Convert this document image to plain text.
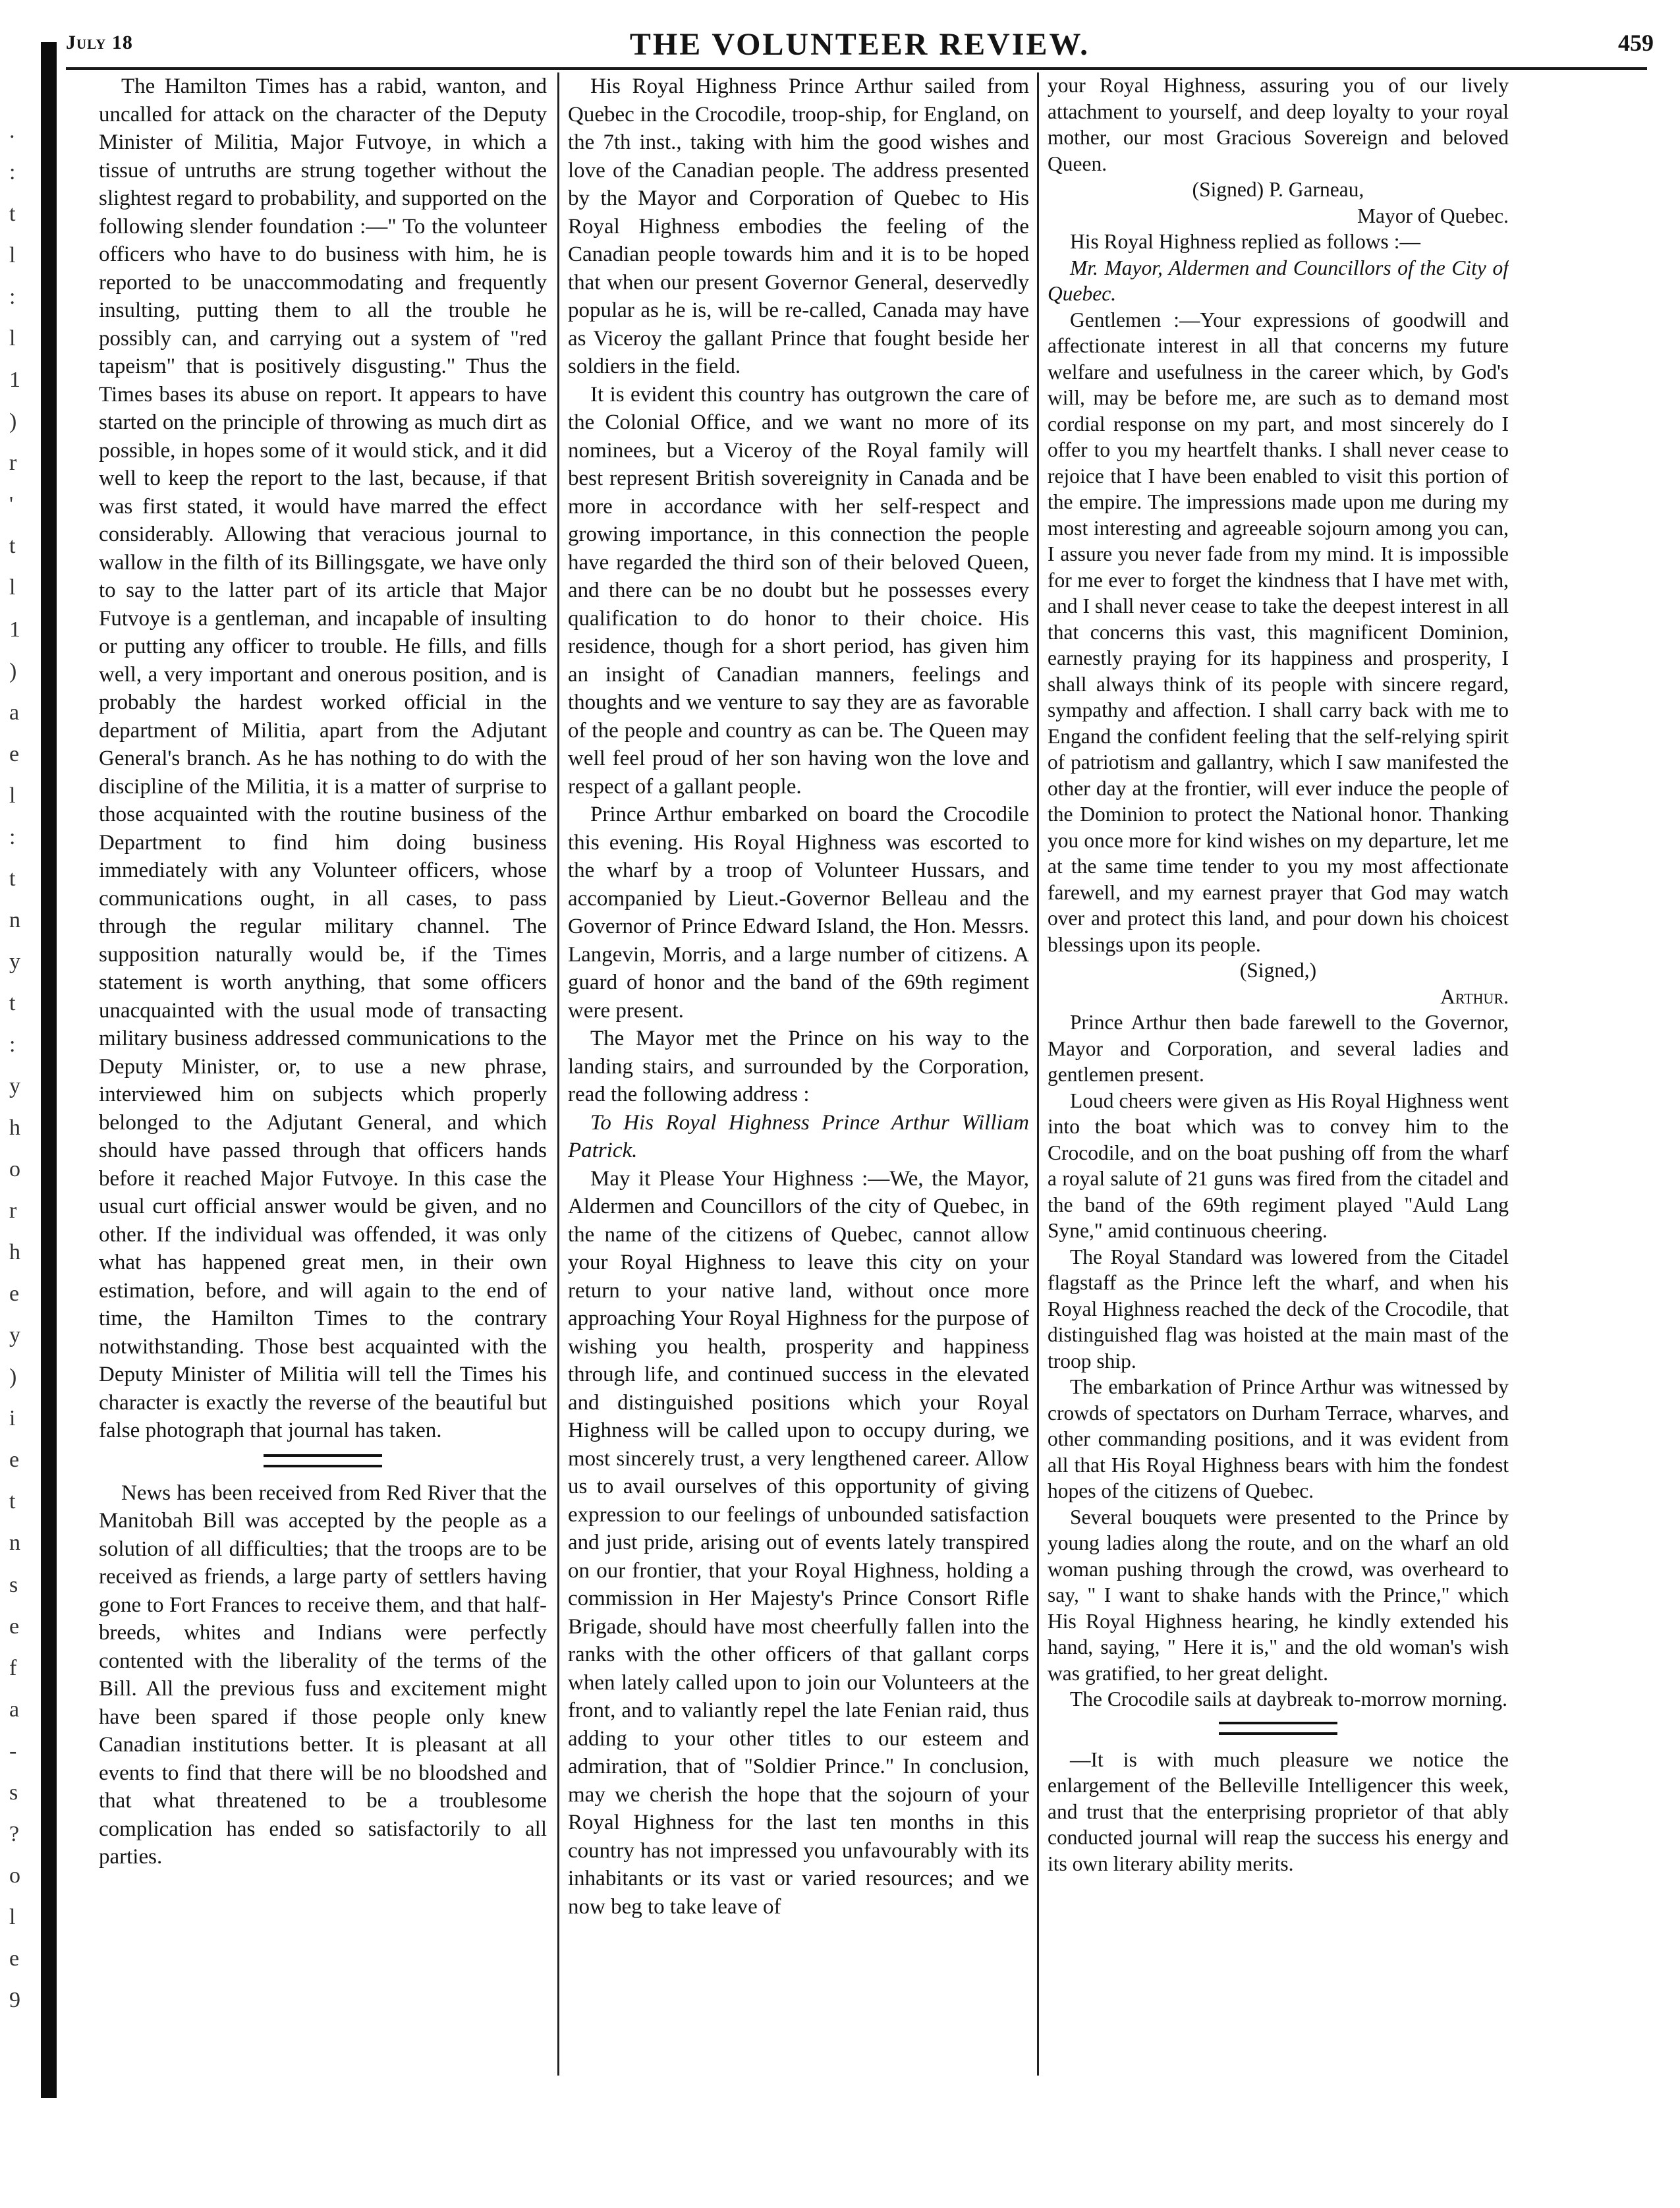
.
:
t
l
:
l
1
)
r
'
t
l
1
)
a
e
l
:
t
n
y
t
:
y
h
o
r
h
e
y
)
i
e
t
n
s
e
f
a
-
s
?
o
l
e
9
July 18	THE VOLUNTEER REVIEW.	459

The Hamilton Times has a rabid, wanton, and uncalled for attack on the character of the Deputy Minister of Militia, Major Futvoye, in which a tissue of untruths are strung together without the slightest regard to probability, and supported on the following slender foundation :—" To the volunteer officers who have to do business with him, he is reported to be unaccommodating and frequently insulting, putting them to all the trouble he possibly can, and carrying out a system of "red tapeism" that is positively disgusting." Thus the Times bases its abuse on report. It appears to have started on the principle of throwing as much dirt as possible, in hopes some of it would stick, and it did well to keep the report to the last, because, if that was first stated, it would have marred the effect considerably. Allowing that veracious journal to wallow in the filth of its Billingsgate, we have only to say to the latter part of its article that Major Futvoye is a gentleman, and incapable of insulting or putting any officer to trouble. He fills, and fills well, a very important and onerous position, and is probably the hardest worked official in the department of Militia, apart from the Adjutant General's branch. As he has nothing to do with the discipline of the Militia, it is a matter of surprise to those acquainted with the routine business of the Department to find him doing business immediately with any Volunteer officers, whose communications ought, in all cases, to pass through the regular military channel. The supposition naturally would be, if the Times statement is worth anything, that some officers unacquainted with the usual mode of transacting military business addressed communications to the Deputy Minister, or, to use a new phrase, interviewed him on subjects which properly belonged to the Adjutant General, and which should have passed through that officers hands before it reached Major Futvoye. In this case the usual curt official answer would be given, and no other. If the individual was offended, it was only what has happened great men, in their own estimation, before, and will again to the end of time, the Hamilton Times to the contrary notwithstanding. Those best acquainted with the Deputy Minister of Militia will tell the Times his character is exactly the reverse of the beautiful but false photograph that journal has taken.

News has been received from Red River that the Manitobah Bill was accepted by the people as a solution of all difficulties; that the troops are to be received as friends, a large party of settlers having gone to Fort Frances to receive them, and that half-breeds, whites and Indians were perfectly contented with the liberality of the terms of the Bill. All the previous fuss and excitement might have been spared if those people only knew Canadian institutions better. It is pleasant at all events to find that there will be no bloodshed and that what threatened to be a troublesome complication has ended so satisfactorily to all parties.

His Royal Highness Prince Arthur sailed from Quebec in the Crocodile, troop-ship, for England, on the 7th inst., taking with him the good wishes and love of the Canadian people. The address presented by the Mayor and Corporation of Quebec to His Royal Highness embodies the feeling of the Canadian people towards him and it is to be hoped that when our present Governor General, deservedly popular as he is, will be re-called, Canada may have as Viceroy the gallant Prince that fought beside her soldiers in the field.

It is evident this country has outgrown the care of the Colonial Office, and we want no more of its nominees, but a Viceroy of the Royal family will best represent British sovereignity in Canada and be more in accordance with her self-respect and growing importance, in this connection the people have regarded the third son of their beloved Queen, and there can be no doubt but he possesses every qualification to do honor to their choice. His residence, though for a short period, has given him an insight of Canadian manners, feelings and thoughts and we venture to say they are as favorable of the people and country as can be. The Queen may well feel proud of her son having won the love and respect of a gallant people.

Prince Arthur embarked on board the Crocodile this evening. His Royal Highness was escorted to the wharf by a troop of Volunteer Hussars, and accompanied by Lieut.-Governor Belleau and the Governor of Prince Edward Island, the Hon. Messrs. Langevin, Morris, and a large number of citizens. A guard of honor and the band of the 69th regiment were present.

The Mayor met the Prince on his way to the landing stairs, and surrounded by the Corporation, read the following address :

To His Royal Highness Prince Arthur William Patrick.

May it Please Your Highness :—We, the Mayor, Aldermen and Councillors of the city of Quebec, in the name of the citizens of Quebec, cannot allow your Royal Highness to leave this city on your return to your native land, without once more approaching Your Royal Highness for the purpose of wishing you health, prosperity and happiness through life, and continued success in the elevated and distinguished positions which your Royal Highness will be called upon to occupy during, we most sincerely trust, a very lengthened career. Allow us to avail ourselves of this opportunity of giving expression to our feelings of unbounded satisfaction and just pride, arising out of events lately transpired on our frontier, that your Royal Highness, holding a commission in Her Majesty's Prince Consort Rifle Brigade, should have most cheerfully fallen into the ranks with the other officers of that gallant corps when lately called upon to join our Volunteers at the front, and to valiantly repel the late Fenian raid, thus adding to your other titles to our esteem and admiration, that of "Soldier Prince." In conclusion, may we cherish the hope that the sojourn of your Royal Highness for the last ten months in this country has not impressed you unfavourably with its inhabitants or its vast or varied resources; and we now beg to take leave of

your Royal Highness, assuring you of our lively attachment to yourself, and deep loyalty to your royal mother, our most Gracious Sovereign and beloved Queen.

(Signed) P. Garneau,

Mayor of Quebec.

His Royal Highness replied as follows :—

Mr. Mayor, Aldermen and Councillors of the City of Quebec.

Gentlemen :—Your expressions of goodwill and affectionate interest in all that concerns my future welfare and usefulness in the career which, by God's will, may be before me, are such as to demand most cordial response on my part, and most sincerely do I offer to you my heartfelt thanks. I shall never cease to rejoice that I have been enabled to visit this portion of the empire. The impressions made upon me during my most interesting and agreeable sojourn among you can, I assure you never fade from my mind. It is impossible for me ever to forget the kindness that I have met with, and I shall never cease to take the deepest interest in all that concerns this vast, this magnificent Dominion, earnestly praying for its happiness and prosperity, I shall always think of its people with sincere regard, sympathy and affection. I shall carry back with me to Engand the confident feeling that the self-relying spirit of patriotism and gallantry, which I saw manifested the other day at the frontier, will ever induce the people of the Dominion to protect the National honor. Thanking you once more for kind wishes on my departure, let me at the same time tender to you my most affectionate farewell, and my earnest prayer that God may watch over and protect this land, and pour down his choicest blessings upon its people.

(Signed,)

Arthur.

Prince Arthur then bade farewell to the Governor, Mayor and Corporation, and several ladies and gentlemen present.

Loud cheers were given as His Royal Highness went into the boat which was to convey him to the Crocodile, and on the boat pushing off from the wharf a royal salute of 21 guns was fired from the citadel and the band of the 69th regiment played "Auld Lang Syne," amid continuous cheering.

The Royal Standard was lowered from the Citadel flagstaff as the Prince left the wharf, and when his Royal Highness reached the deck of the Crocodile, that distinguished flag was hoisted at the main mast of the troop ship.

The embarkation of Prince Arthur was witnessed by crowds of spectators on Durham Terrace, wharves, and other commanding positions, and it was evident from all that His Royal Highness bears with him the fondest hopes of the citizens of Quebec.

Several bouquets were presented to the Prince by young ladies along the route, and on the wharf an old woman pushing through the crowd, was overheard to say, " I want to shake hands with the Prince," which His Royal Highness hearing, he kindly extended his hand, saying, " Here it is," and the old woman's wish was gratified, to her great delight.

The Crocodile sails at daybreak to-morrow morning.

—It is with much pleasure we notice the enlargement of the Belleville Intelligencer this week, and trust that the enterprising proprietor of that ably conducted journal will reap the success his energy and its own literary ability merits.
